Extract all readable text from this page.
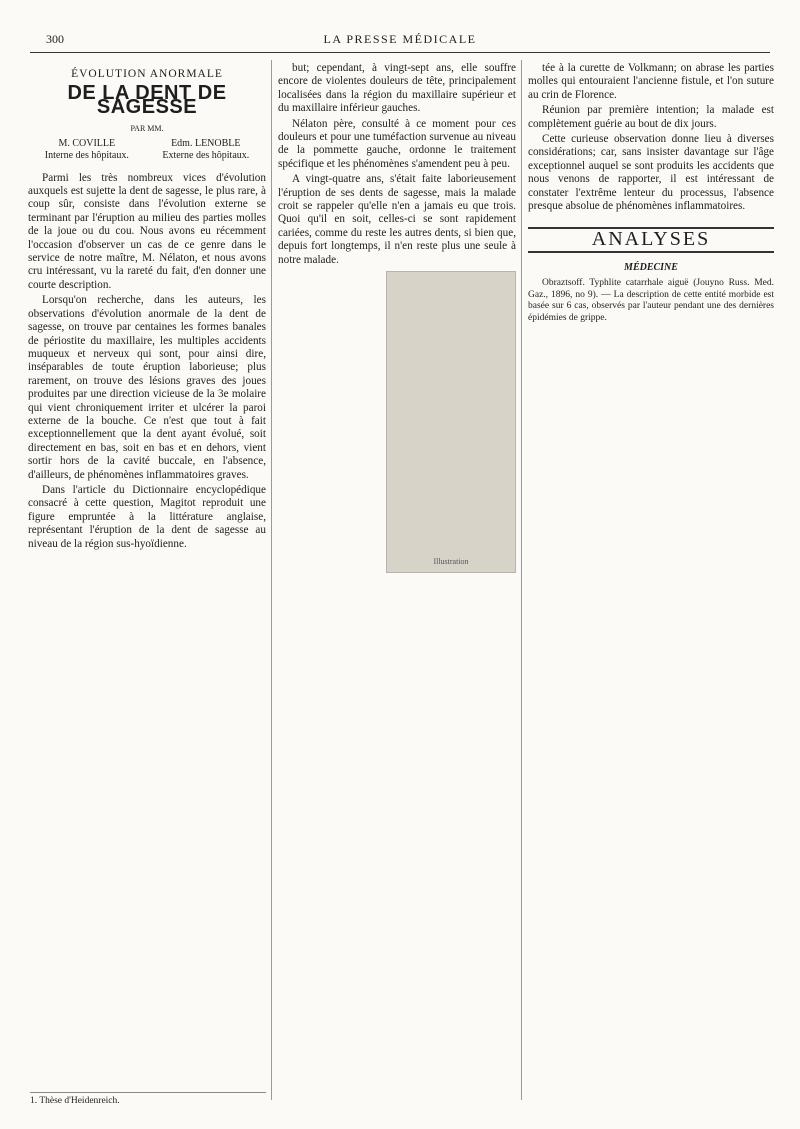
300	LA PRESSE MÉDICALE
ÉVOLUTION ANORMALE
DE LA DENT DE SAGESSE
PAR MM.
M. COVILLE
Interne des hôpitaux.
Edm. LENOBLE
Externe des hôpitaux.

Parmi les très nombreux vices d'évolution auxquels est sujette la dent de sagesse, le plus rare, à coup sûr, consiste dans l'évolution externe se terminant par l'éruption au milieu des parties molles de la joue ou du cou. Nous avons eu récemment l'occasion d'observer un cas de ce genre dans le service de notre maître, M. Nélaton, et nous avons cru intéressant, vu la rareté du fait, d'en donner une courte description.

Lorsqu'on recherche, dans les auteurs, les observations d'évolution anormale de la dent de sagesse, on trouve par centaines les formes banales de périostite du maxillaire, les multiples accidents muqueux et nerveux qui sont, pour ainsi dire, inséparables de toute éruption laborieuse; plus rarement, on trouve des lésions graves des joues produites par une direction vicieuse de la 3e molaire qui vient chroniquement irriter et ulcérer la paroi externe de la bouche. Ce n'est que tout à fait exceptionnellement que la dent ayant évolué, soit directement en bas, soit en bas et en dehors, vient sortir hors de la cavité buccale, en l'absence, d'ailleurs, de phénomènes inflammatoires graves.

Dans l'article du Dictionnaire encyclopédique consacré à cette question, Magitot reproduit une figure empruntée à la littérature anglaise, représentant l'éruption de la dent de sagesse au niveau de la région sus-hyoïdienne.

but; cependant, à vingt-sept ans, elle souffre encore de violentes douleurs de tête, principalement localisées dans la région du maxillaire supérieur et du maxillaire inférieur gauches.

Nélaton père, consulté à ce moment pour ces douleurs et pour une tuméfaction survenue au niveau de la pommette gauche, ordonne le traitement spécifique et les phénomènes s'amendent peu à peu.

A vingt-quatre ans, s'était faite laborieusement l'éruption de ses dents de sagesse, mais la malade croit se rappeler qu'elle n'en a jamais eu que trois. Quoi qu'il en soit, celles-ci se sont rapidement cariées, comme du reste les autres dents, si bien que, depuis fort longtemps, il n'en reste plus une seule à notre malade.

Illustration

tée à la curette de Volkmann; on abrase les parties molles qui entouraient l'ancienne fistule, et l'on suture au crin de Florence.

Réunion par première intention; la malade est complètement guérie au bout de dix jours.

Cette curieuse observation donne lieu à diverses considérations; car, sans insister davantage sur l'âge exceptionnel auquel se sont produits les accidents que nous venons de rapporter, il est intéressant de constater l'extrême lenteur du processus, l'absence presque absolue de phénomènes inflammatoires.

ANALYSES
MÉDECINE

Obraztsoff. Typhlite catarrhale aiguë (Jouyno Russ. Med. Gaz., 1896, no 9). — La description de cette entité morbide est basée sur 6 cas, observés par l'auteur pendant une des dernières épidémies de grippe.

1. Thèse d'Heidenreich.
